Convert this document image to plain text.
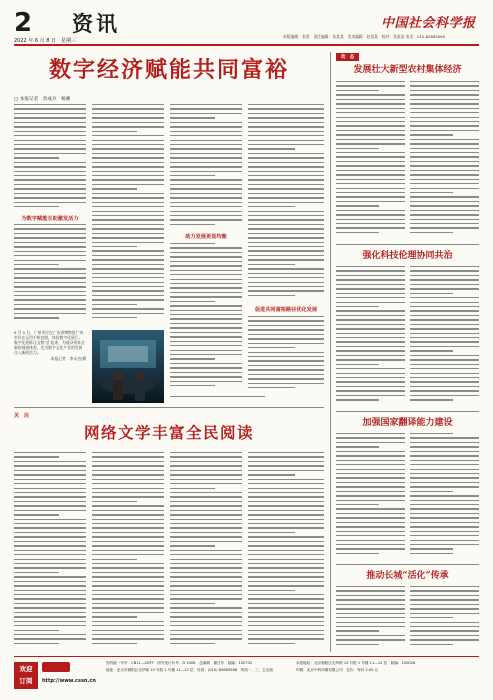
2
2022 年 6 月 8 日　星期三
资讯	中国社会科学报
本版编辑：张贺　责任编辑：张某某　美术编辑：赵某某　校对：张某某 电话：010-85885089
数字经济赋能共同富裕
□ 本报记者　余成兵　杨湘
为数字赋能互助激发活力
助力发展更显均衡
促进共同富裕路径优化发展
6 月 5 日，广州市民在广东省博物馆广州市民在运用手机拍照，体验数字化展厅。数字化展陈让文物‘活’起来，为观众带来全新的观展体验，也为数字文化产业的发展注入新的活力。
本报记者　李永杰/摄
关　注
网络文学丰富全民阅读
动　态
发展壮大新型农村集体经济
强化科技伦理协同共治
加强国家翻译能力建设
推动长城“活化”传承
欢迎
订阅	http://www.cssn.cn
国内统一刊号：CN11—0297　国外发行代号：D 2006　总编辑：翟日东　邮编：100732
地址：北京市朝阳区光华路 15 号院 1 号楼 11—12 层　传真：(010) 85885088　每周一、三、五出版
本报地址：北京朝阳区光华路 15 号院 1 号楼 11—12 层　邮编：100026
印刷：北京中科印刷有限公司　定价：每份 2.00 元
